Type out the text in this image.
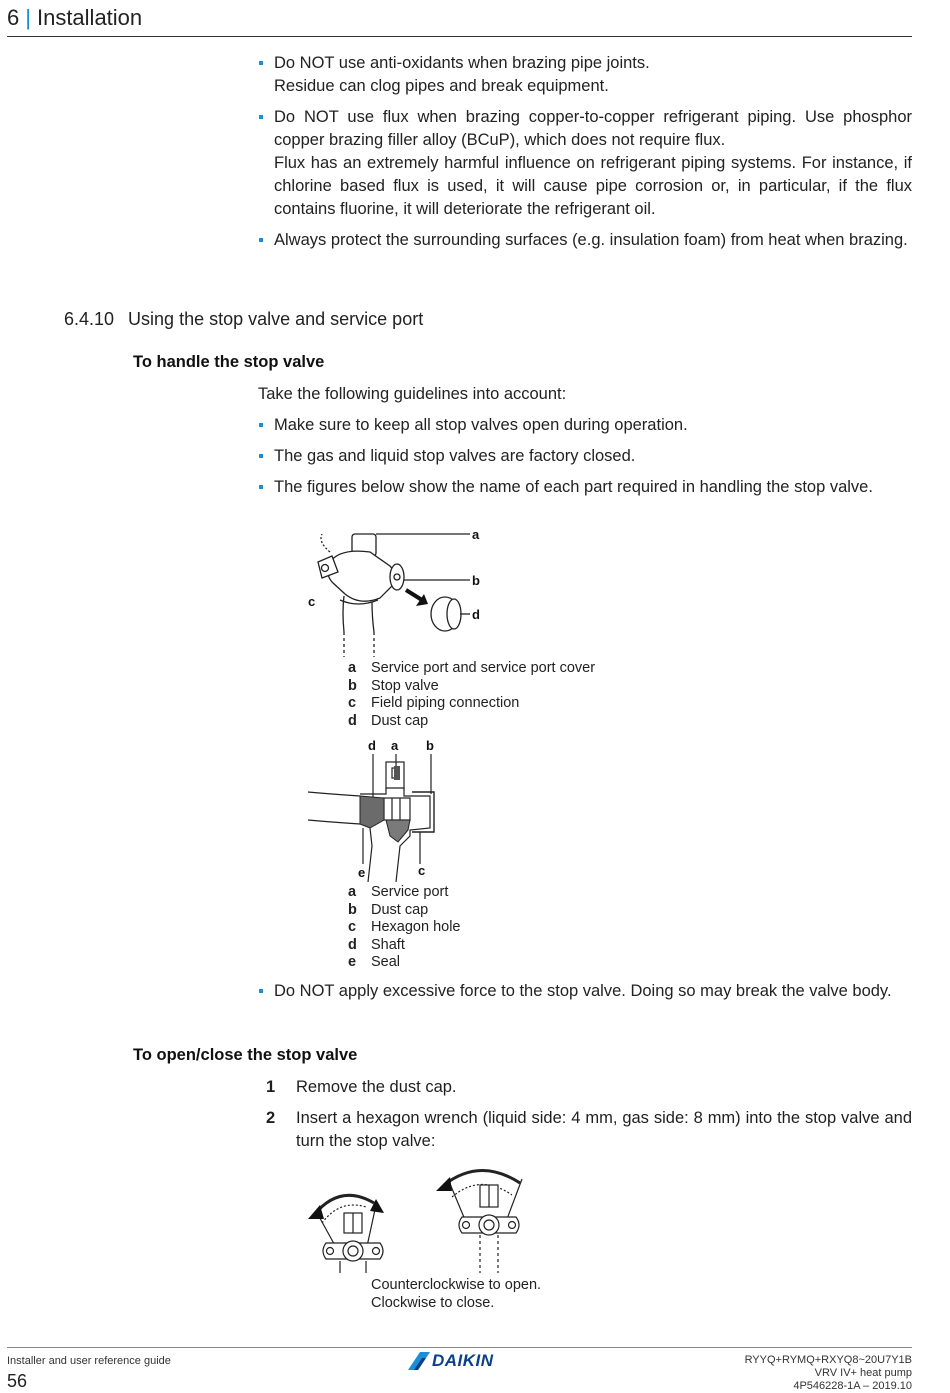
6 | Installation
Do NOT use anti-oxidants when brazing pipe joints.
Residue can clog pipes and break equipment.
Do NOT use flux when brazing copper-to-copper refrigerant piping. Use phosphor copper brazing filler alloy (BCuP), which does not require flux.
Flux has an extremely harmful influence on refrigerant piping systems. For instance, if chlorine based flux is used, it will cause pipe corrosion or, in particular, if the flux contains fluorine, it will deteriorate the refrigerant oil.
Always protect the surrounding surfaces (e.g. insulation foam) from heat when brazing.
6.4.10 Using the stop valve and service port
To handle the stop valve
Take the following guidelines into account:
Make sure to keep all stop valves open during operation.
The gas and liquid stop valves are factory closed.
The figures below show the name of each part required in handling the stop valve.
a
b
c
d
a	Service port and service port cover
b Stop valve
c	Field piping connection
d Dust cap
d a b
e	c
a	Service port
b Dust cap
c	Hexagon hole
d Shaft
e	Seal
Do NOT apply excessive force to the stop valve. Doing so may break the valve body.
To open/close the stop valve
1	Remove the dust cap.
2	Insert a hexagon wrench (liquid side: 4 mm, gas side: 8 mm) into the stop valve and turn the stop valve:
Counterclockwise to open.
Clockwise to close.
Installer and user reference guide
56
DAIKIN	RYYQ+RYMQ+RXYQ8~20U7Y1B
VRV IV+ heat pump
4P546228-1A – 2019.10
